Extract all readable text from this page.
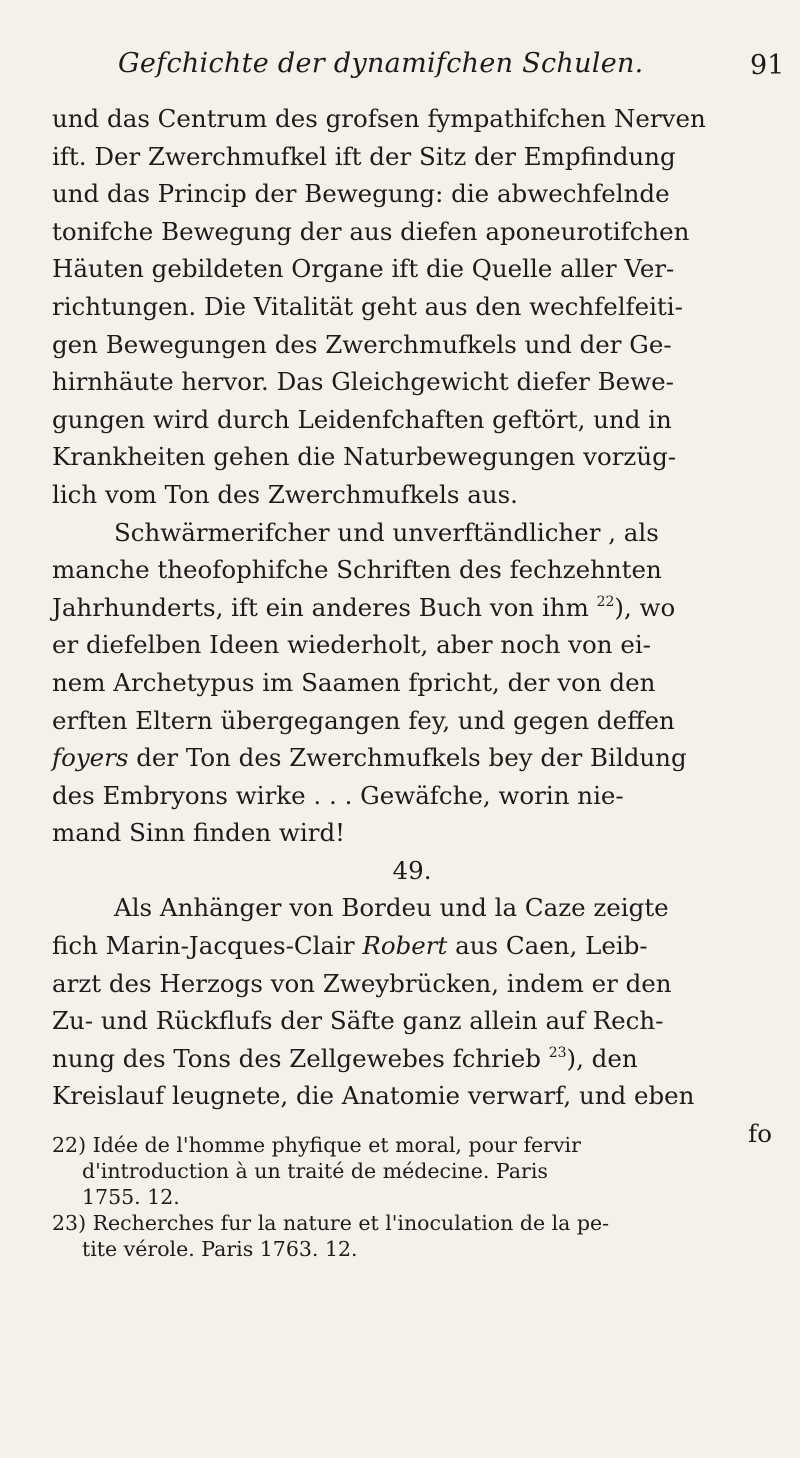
Gefchichte der dynamifchen Schulen.	91
und das Centrum des grofsen fympathifchen Nerven
ift. Der Zwerchmufkel ift der Sitz der Empfindung
und das Princip der Bewegung: die abwechfelnde
tonifche Bewegung der aus diefen aponeurotifchen
Häuten gebildeten Organe ift die Quelle aller Ver-
richtungen. Die Vitalität geht aus den wechfelfeiti-
gen Bewegungen des Zwerchmufkels und der Ge-
hirnhäute hervor. Das Gleichgewicht diefer Bewe-
gungen wird durch Leidenfchaften geftört, und in
Krankheiten gehen die Naturbewegungen vorzüg-
lich vom Ton des Zwerchmufkels aus.
Schwärmerifcher und unverftändlicher , als
manche theofophifche Schriften des fechzehnten
Jahrhunderts, ift ein anderes Buch von ihm $^{22}$), wo
er diefelben Ideen wiederholt, aber noch von ei-
nem Archetypus im Saamen fpricht, der von den
erften Eltern übergegangen fey, und gegen deffen
foyers der Ton des Zwerchmufkels bey der Bildung
des Embryons wirke . . . Gewäfche, worin nie-
mand Sinn finden wird!
49.
Als Anhänger von Bordeu und la Caze zeigte
fich Marin-Jacques-Clair Robert aus Caen, Leib-
arzt des Herzogs von Zweybrücken, indem er den
Zu- und Rückflufs der Säfte ganz allein auf Rech-
nung des Tons des Zellgewebes fchrieb $^{23}$), den
Kreislauf leugnete, die Anatomie verwarf, und eben
fo
22) Idée de l'homme phyfique et moral, pour fervir
d'introduction à un traité de médecine. Paris
1755. 12.
23) Recherches fur la nature et l'inoculation de la pe-
tite vérole. Paris 1763. 12.
